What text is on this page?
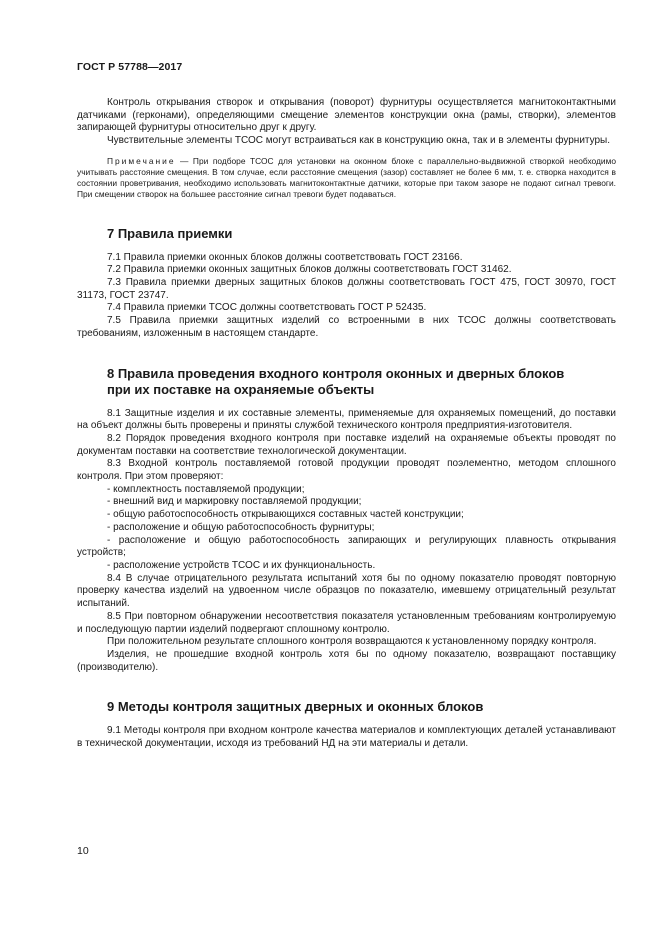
ГОСТ Р 57788—2017

Контроль открывания створок и открывания (поворот) фурнитуры осуществляется магнитоконтактными датчиками (герконами), определяющими смещение элементов конструкции окна (рамы, створки), элементов запирающей фурнитуры относительно друг к другу.

Чувствительные элементы ТСОС могут встраиваться как в конструкцию окна, так и в элементы фурнитуры.

Примечание — При подборе ТСОС для установки на оконном блоке с параллельно-выдвижной створкой необходимо учитывать расстояние смещения. В том случае, если расстояние смещения (зазор) составляет не более 6 мм, т. е. створка находится в состоянии проветривания, необходимо использовать магнитоконтактные датчики, которые при таком зазоре не подают сигнал тревоги. При смещении створок на большее расстояние сигнал тревоги будет подаваться.

7 Правила приемки

7.1 Правила приемки оконных блоков должны соответствовать ГОСТ 23166.

7.2 Правила приемки оконных защитных блоков должны соответствовать ГОСТ 31462.

7.3 Правила приемки дверных защитных блоков должны соответствовать ГОСТ 475, ГОСТ 30970, ГОСТ 31173, ГОСТ 23747.

7.4 Правила приемки ТСОС должны соответствовать ГОСТ Р 52435.

7.5 Правила приемки защитных изделий со встроенными в них ТСОС должны соответствовать требованиям, изложенным в настоящем стандарте.

8 Правила проведения входного контроля оконных и дверных блоков
при их поставке на охраняемые объекты

8.1 Защитные изделия и их составные элементы, применяемые для охраняемых помещений, до поставки на объект должны быть проверены и приняты службой технического контроля предприятия-изготовителя.

8.2 Порядок проведения входного контроля при поставке изделий на охраняемые объекты проводят по документам поставки на соответствие технологической документации.

8.3 Входной контроль поставляемой готовой продукции проводят поэлементно, методом сплошного контроля. При этом проверяют:

- комплектность поставляемой продукции;

- внешний вид и маркировку поставляемой продукции;

- общую работоспособность открывающихся составных частей конструкции;

- расположение и общую работоспособность фурнитуры;

- расположение и общую работоспособность запирающих и регулирующих плавность открывания устройств;

- расположение устройств ТСОС и их функциональность.

8.4 В случае отрицательного результата испытаний хотя бы по одному показателю проводят повторную проверку качества изделий на удвоенном числе образцов по показателю, имевшему отрицательный результат испытаний.

8.5 При повторном обнаружении несоответствия показателя установленным требованиям контролируемую и последующую партии изделий подвергают сплошному контролю.

При положительном результате сплошного контроля возвращаются к установленному порядку контроля.

Изделия, не прошедшие входной контроль хотя бы по одному показателю, возвращают поставщику (производителю).

9 Методы контроля защитных дверных и оконных блоков

9.1 Методы контроля при входном контроле качества материалов и комплектующих деталей устанавливают в технической документации, исходя из требований НД на эти материалы и детали.

10
